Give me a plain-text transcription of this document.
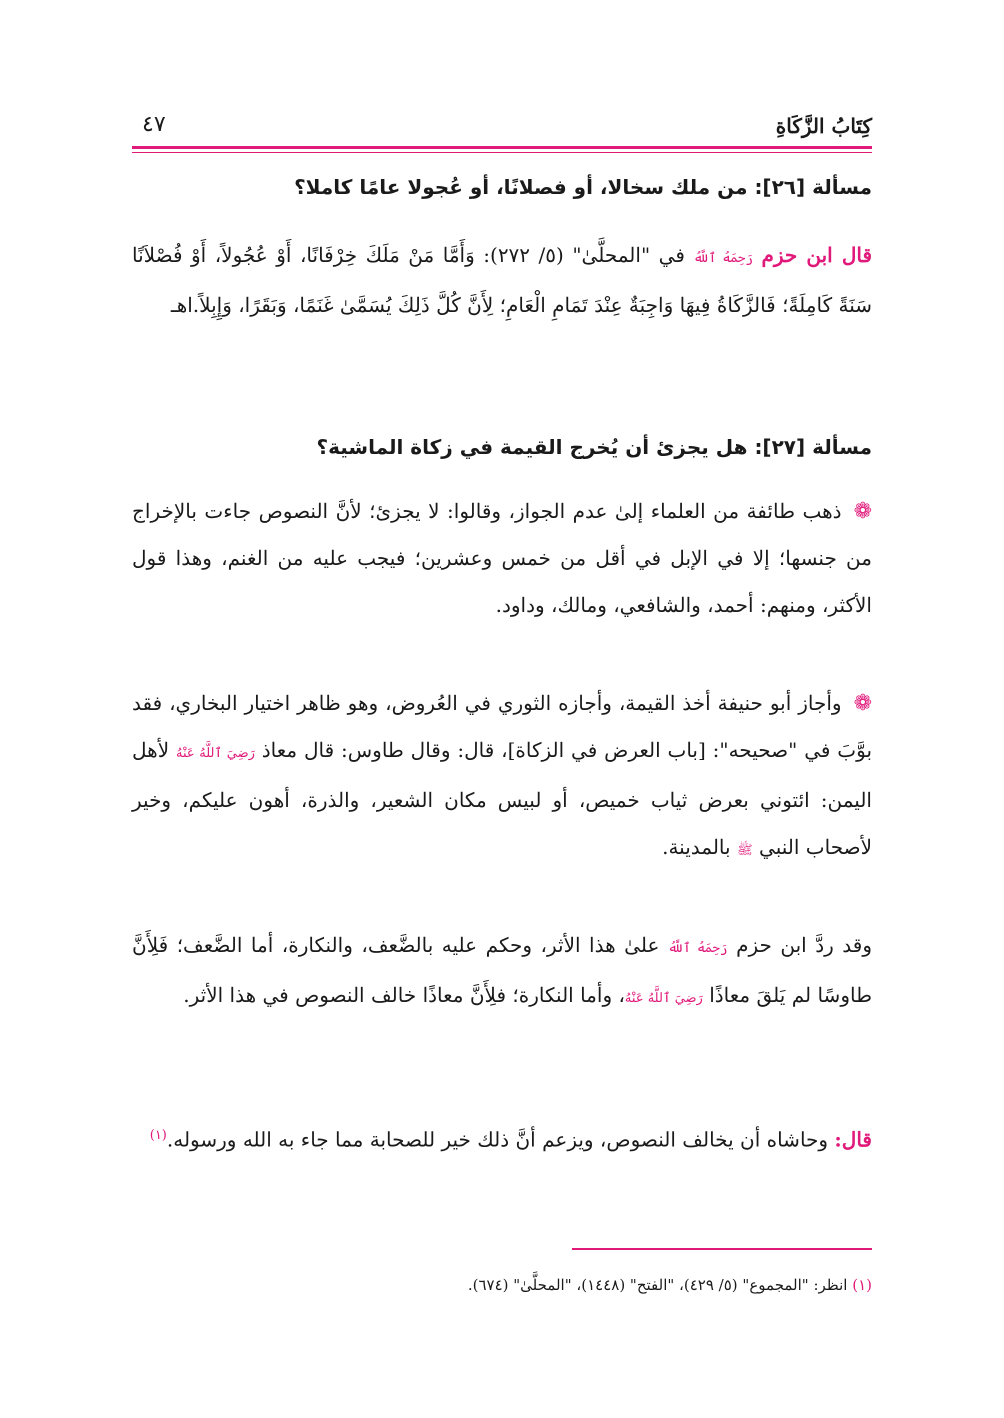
كِتَابُ الزَّكَاةِ
٤٧
مسألة [٢٦]: من ملك سخالا، أو فصلانًا، أو عُجولا عامًا كاملا؟
قال ابن حزم رَحِمَهُ ٱللَّهُ في "المحلَّىٰ" (٥/ ٢٧٢): وَأَمَّا مَنْ مَلَكَ خِرْفَانًا، أَوْ عُجُولاً، أَوْ فُصْلاَنًا سَنَةً كَامِلَةً؛ فَالزَّكَاةُ فِيهَا وَاجِبَةٌ عِنْدَ تَمَامِ الْعَامِ؛ لِأَنَّ كُلَّ ذَلِكَ يُسَمَّىٰ غَنَمًا، وَبَقَرًا، وَإِبِلاً.اهـ
مسألة [٢٧]: هل يجزئ أن يُخرج القيمة في زكاة الماشية؟
❁ذهب طائفة من العلماء إلىٰ عدم الجواز، وقالوا: لا يجزئ؛ لأنَّ النصوص جاءت بالإخراج من جنسها؛ إلا في الإبل في أقل من خمس وعشرين؛ فيجب عليه من الغنم، وهذا قول الأكثر، ومنهم: أحمد، والشافعي، ومالك، وداود.
❁وأجاز أبو حنيفة أخذ القيمة، وأجازه الثوري في العُروض، وهو ظاهر اختيار البخاري، فقد بوَّبَ في "صحيحه": [باب العرض في الزكاة]، قال: وقال طاوس: قال معاذ رَضِيَ ٱللَّهُ عَنْهُ لأهل اليمن: ائتوني بعرض ثياب خميص، أو لبيس مكان الشعير، والذرة، أهون عليكم، وخير لأصحاب النبي ﷺ بالمدينة.
وقد ردَّ ابن حزم رَحِمَهُ ٱللَّهُ علىٰ هذا الأثر، وحكم عليه بالضَّعف، والنكارة، أما الضَّعف؛ فَلِأَنَّ طاوسًا لم يَلقَ معاذًا رَضِيَ ٱللَّهُ عَنْهُ، وأما النكارة؛ فلِأَنَّ معاذًا خالف النصوص في هذا الأثر.
قال: وحاشاه أن يخالف النصوص، ويزعم أنَّ ذلك خير للصحابة مما جاء به الله ورسوله.$^{(١)}$
(١) انظر: "المجموع" (٥/ ٤٢٩)، "الفتح" (١٤٤٨)، "المحلَّىٰ" (٦٧٤).
